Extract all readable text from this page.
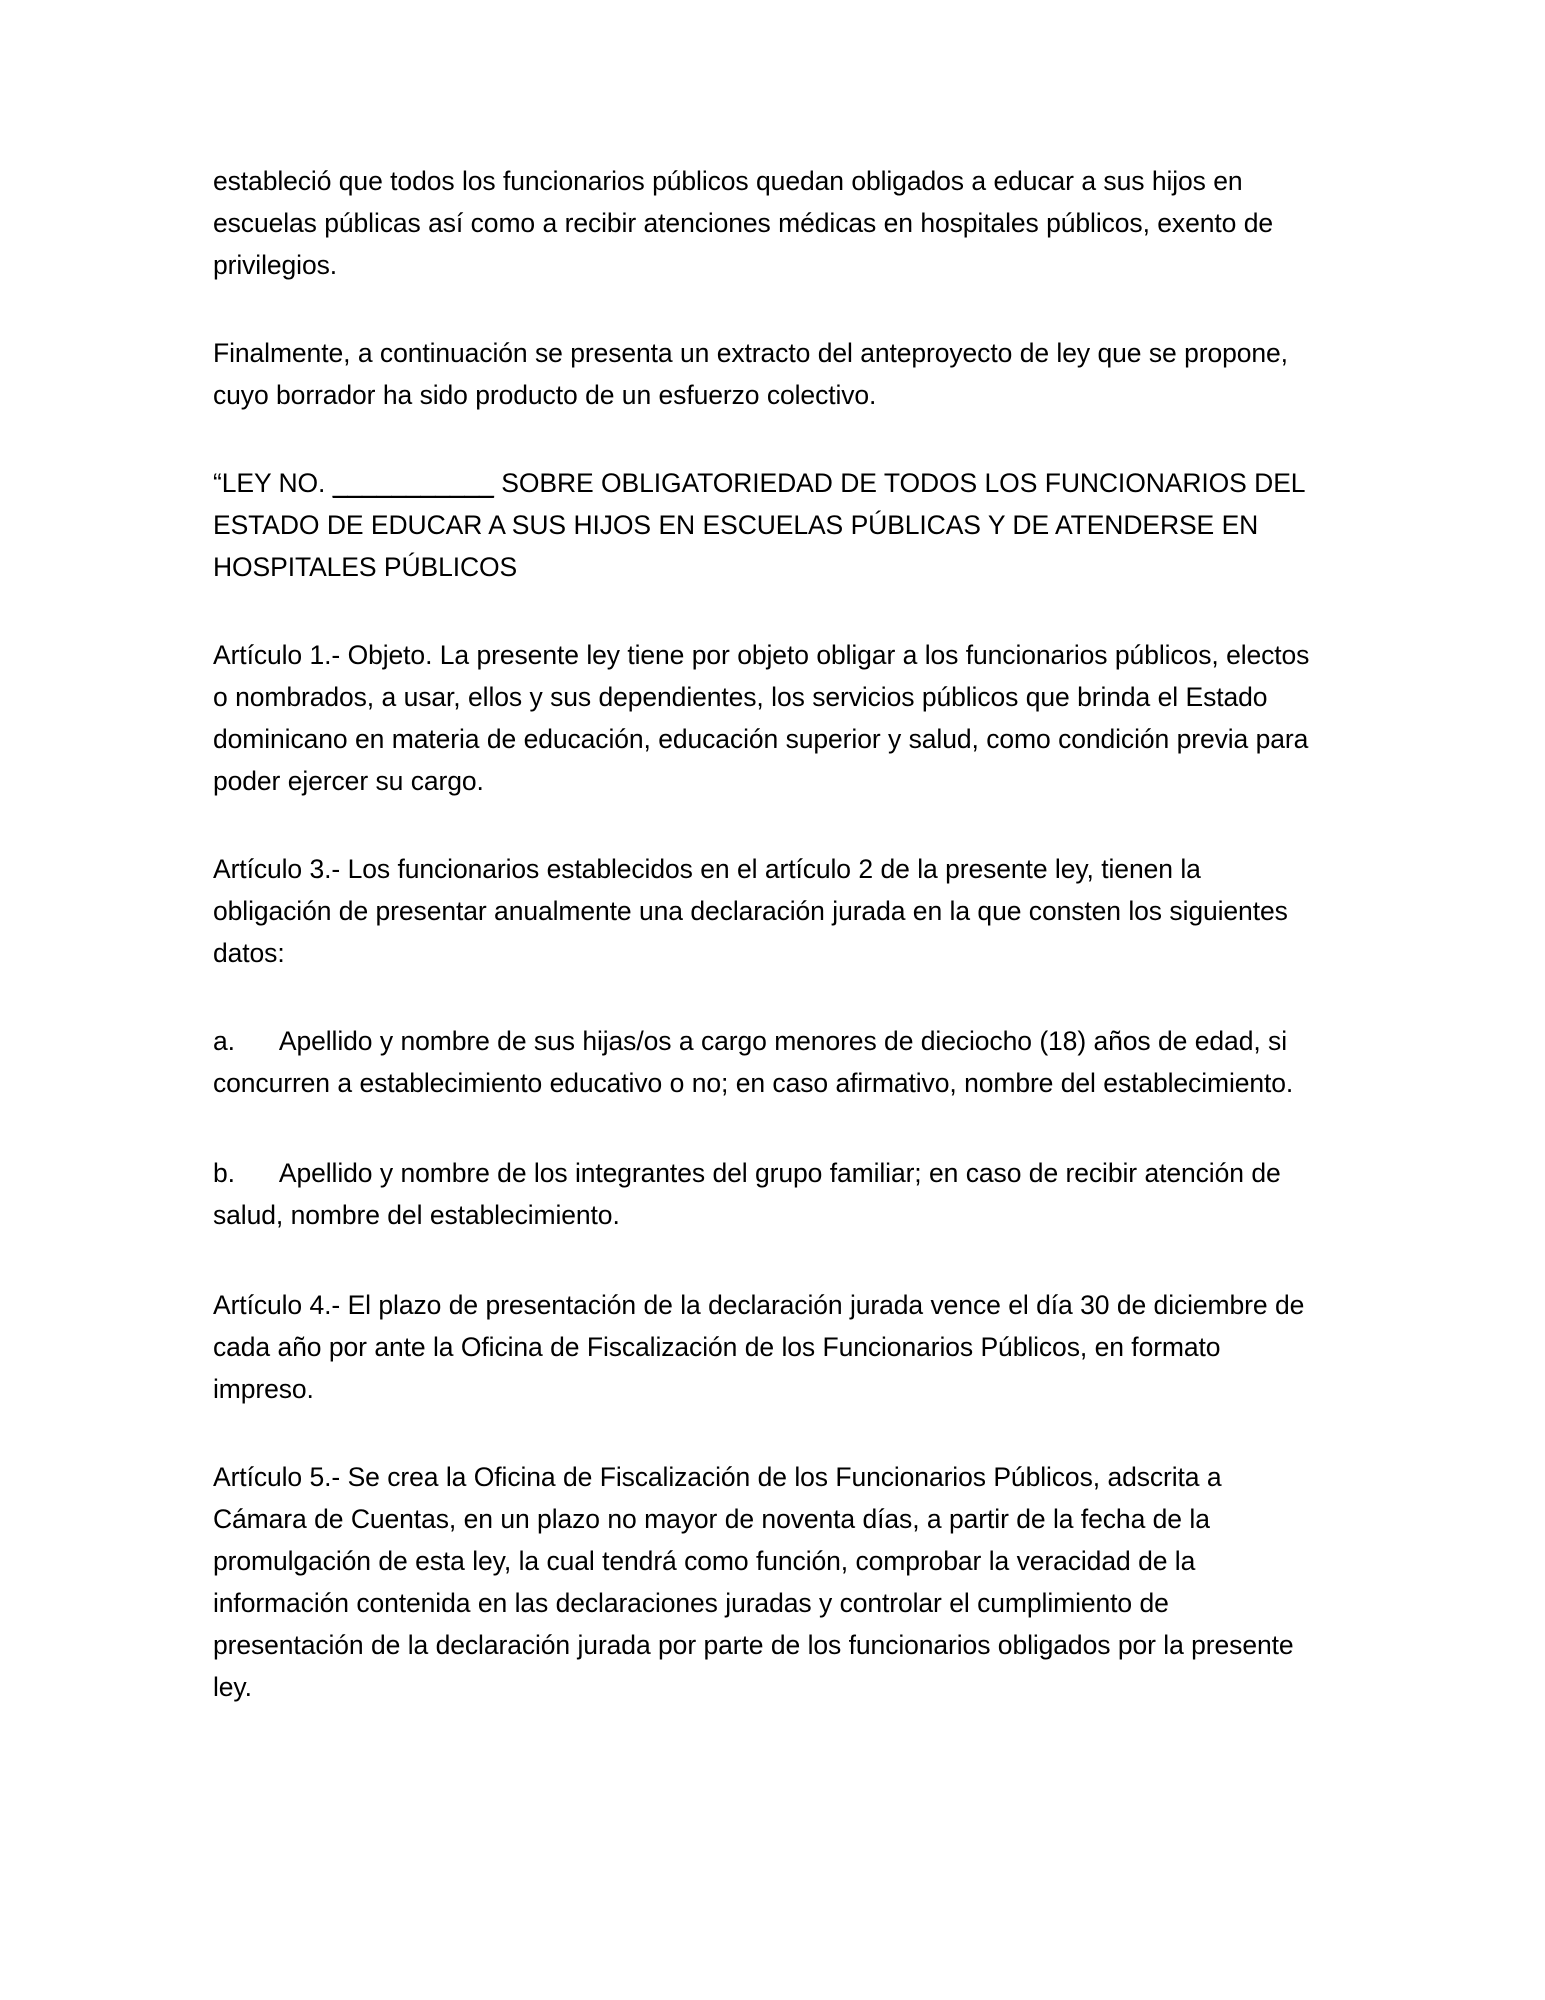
estableció que todos los funcionarios públicos quedan obligados a educar a sus hijos en escuelas públicas así como a recibir atenciones médicas en hospitales públicos, exento de privilegios.

Finalmente, a continuación se presenta un extracto del anteproyecto de ley que se propone, cuyo borrador ha sido producto de un esfuerzo colectivo.

“LEY NO. ___________ SOBRE OBLIGATORIEDAD DE TODOS LOS FUNCIONARIOS DEL ESTADO DE EDUCAR A SUS HIJOS EN ESCUELAS PÚBLICAS Y DE ATENDERSE EN HOSPITALES PÚBLICOS

Artículo 1.- Objeto. La presente ley tiene por objeto obligar a los funcionarios públicos, electos o nombrados, a usar, ellos y sus dependientes, los servicios públicos que brinda el Estado dominicano en materia de educación, educación superior y salud, como condición previa para poder ejercer su cargo.

Artículo 3.- Los funcionarios establecidos en el artículo 2 de la presente ley, tienen la obligación de presentar anualmente una declaración jurada en la que consten los siguientes datos:

a. Apellido y nombre de sus hijas/os a cargo menores de dieciocho (18) años de edad, si concurren a establecimiento educativo o no; en caso afirmativo, nombre del establecimiento.

b. Apellido y nombre de los integrantes del grupo familiar; en caso de recibir atención de salud, nombre del establecimiento.

Artículo 4.- El plazo de presentación de la declaración jurada vence el día 30 de diciembre de cada año por ante la Oficina de Fiscalización de los Funcionarios Públicos, en formato impreso.

Artículo 5.- Se crea la Oficina de Fiscalización de los Funcionarios Públicos, adscrita a Cámara de Cuentas, en un plazo no mayor de noventa días, a partir de la fecha de la promulgación de esta ley, la cual tendrá como función, comprobar la veracidad de la información contenida en las declaraciones juradas y controlar el cumplimiento de presentación de la declaración jurada por parte de los funcionarios obligados por la presente ley.
